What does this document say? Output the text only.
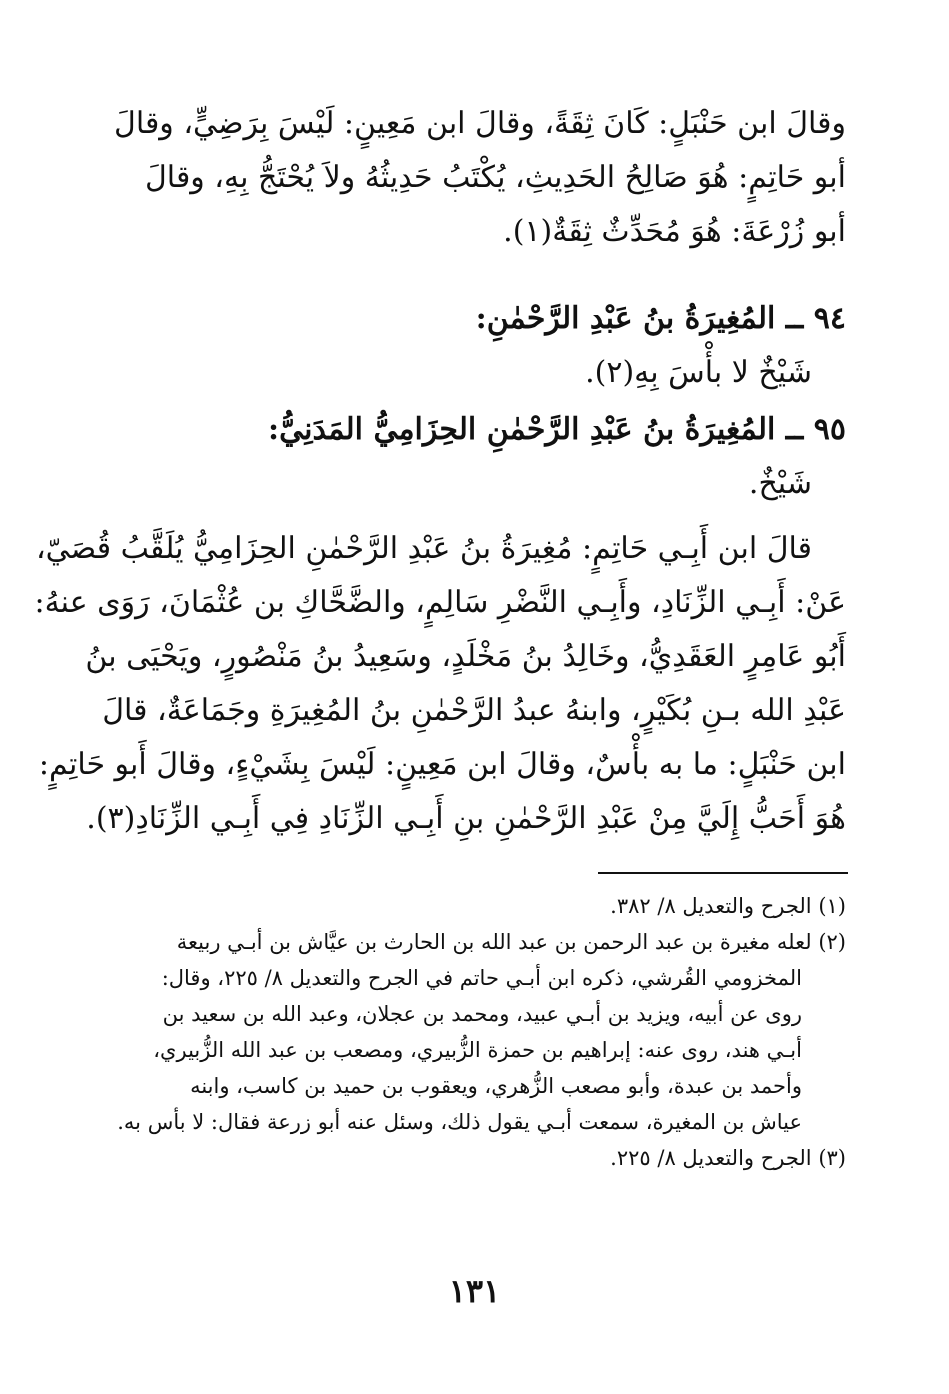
وقالَ ابن حَنْبَلٍ: كَانَ ثِقَةً، وقالَ ابن مَعِينٍ: لَيْسَ بِرَضِيٍّ، وقالَ
أبو حَاتِمٍ: هُوَ صَالِحُ الحَدِيثِ، يُكْتَبُ حَدِيثُهُ ولاَ يُحْتَجُّ بِهِ، وقالَ
أبو زُرْعَةَ: هُوَ مُحَدِّثٌ ثِقَةٌ(١).
٩٤ ــ المُغِيرَةُ بنُ عَبْدِ الرَّحْمٰنِ:
شَيْخٌ لا بأْسَ بِهِ(٢).
٩٥ ــ المُغِيرَةُ بنُ عَبْدِ الرَّحْمٰنِ الحِزَامِيُّ المَدَنِيُّ:
شَيْخٌ.
قالَ ابن أَبِـي حَاتِمٍ: مُغِيرَةُ بنُ عَبْدِ الرَّحْمٰنِ الحِزَامِيُّ يُلَقَّبُ قُصَيّ،
عَنْ: أَبِـي الزِّنَادِ، وأَبِـي النَّضْرِ سَالِمٍ، والضَّحَّاكِ بن عُثْمَانَ، رَوَى عنهُ:
أَبُو عَامِرٍ العَقَدِيُّ، وخَالِدُ بنُ مَخْلَدٍ، وسَعِيدُ بنُ مَنْصُورٍ، ويَحْيَى بنُ
عَبْدِ الله بـنِ بُكَيْرٍ، وابنهُ عبدُ الرَّحْمٰنِ بنُ المُغِيرَةِ وجَمَاعَةٌ، قالَ
ابن حَنْبَلٍ: ما به بأْسٌ، وقالَ ابن مَعِينٍ: لَيْسَ بِشَيْءٍ، وقالَ أَبو حَاتِمٍ:
هُوَ أَحَبُّ إِلَيَّ مِنْ عَبْدِ الرَّحْمٰنِ بنِ أَبِـي الزِّنَادِ فِي أَبِـي الزِّنَادِ(٣).
(١) الجرح والتعديل ٨/ ٣٨٢.
(٢) لعله مغيرة بن عبد الرحمن بن عبد الله بن الحارث بن عيَّاش بن أبـي ربيعة
المخزومي القُرشي، ذكره ابن أبـي حاتم في الجرح والتعديل ٨/ ٢٢٥، وقال:
روى عن أبيه، ويزيد بن أبـي عبيد، ومحمد بن عجلان، وعبد الله بن سعيد بن
أبـي هند، روى عنه: إبراهيم بن حمزة الزُّبيري، ومصعب بن عبد الله الزُّبيري،
وأحمد بن عبدة، وأبو مصعب الزُّهري، ويعقوب بن حميد بن كاسب، وابنه
عياش بن المغيرة، سمعت أبـي يقول ذلك، وسئل عنه أبو زرعة فقال: لا بأس به.
(٣) الجرح والتعديل ٨/ ٢٢٥.
١٣١
